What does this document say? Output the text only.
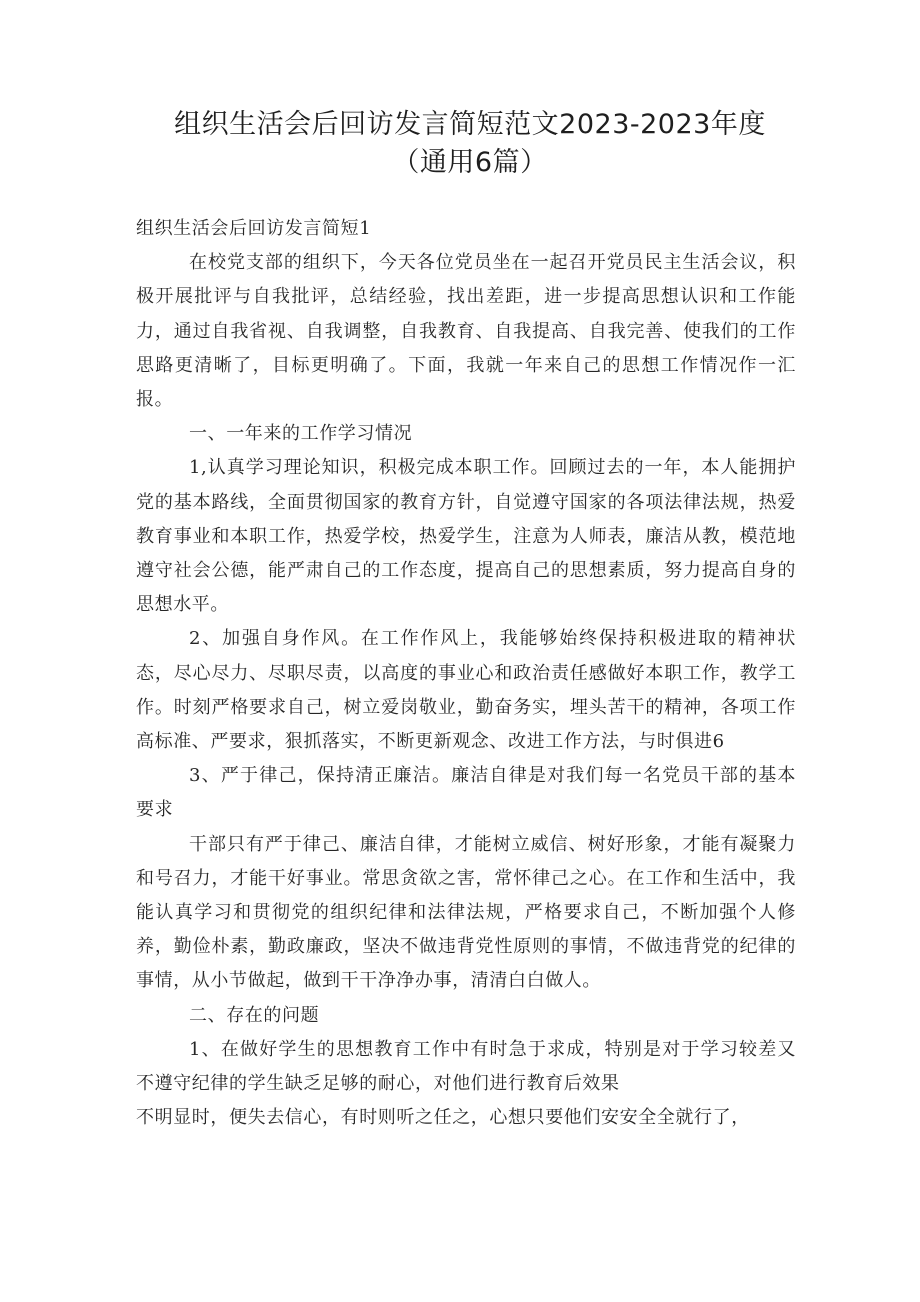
组织生活会后回访发言简短范文2023-2023年度（通用6篇）

组织生活会后回访发言简短1

在校党支部的组织下，今天各位党员坐在一起召开党员民主生活会议，积极开展批评与自我批评，总结经验，找出差距，进一步提高思想认识和工作能力，通过自我省视、自我调整，自我教育、自我提高、自我完善、使我们的工作思路更清晰了，目标更明确了。下面，我就一年来自己的思想工作情况作一汇报。

一、一年来的工作学习情况

1,认真学习理论知识，积极完成本职工作。回顾过去的一年，本人能拥护党的基本路线，全面贯彻国家的教育方针，自觉遵守国家的各项法律法规，热爱教育事业和本职工作，热爱学校，热爱学生，注意为人师表，廉洁从教，模范地遵守社会公德，能严肃自己的工作态度，提高自己的思想素质，努力提高自身的思想水平。

2、加强自身作风。在工作作风上，我能够始终保持积极进取的精神状态，尽心尽力、尽职尽责，以高度的事业心和政治责任感做好本职工作，教学工作。时刻严格要求自己，树立爱岗敬业，勤奋务实，埋头苦干的精神，各项工作高标准、严要求，狠抓落实，不断更新观念、改进工作方法，与时俱进6

3、严于律己，保持清正廉洁。廉洁自律是对我们每一名党员干部的基本要求

干部只有严于律己、廉洁自律，才能树立威信、树好形象，才能有凝聚力和号召力，才能干好事业。常思贪欲之害，常怀律己之心。在工作和生活中，我能认真学习和贯彻党的组织纪律和法律法规，严格要求自己，不断加强个人修养，勤俭朴素，勤政廉政，坚决不做违背党性原则的事情，不做违背党的纪律的事情，从小节做起，做到干干净净办事，清清白白做人。

二、存在的问题

1、在做好学生的思想教育工作中有时急于求成，特别是对于学习较差又不遵守纪律的学生缺乏足够的耐心，对他们进行教育后效果

不明显时，便失去信心，有时则听之任之，心想只要他们安安全全就行了，
